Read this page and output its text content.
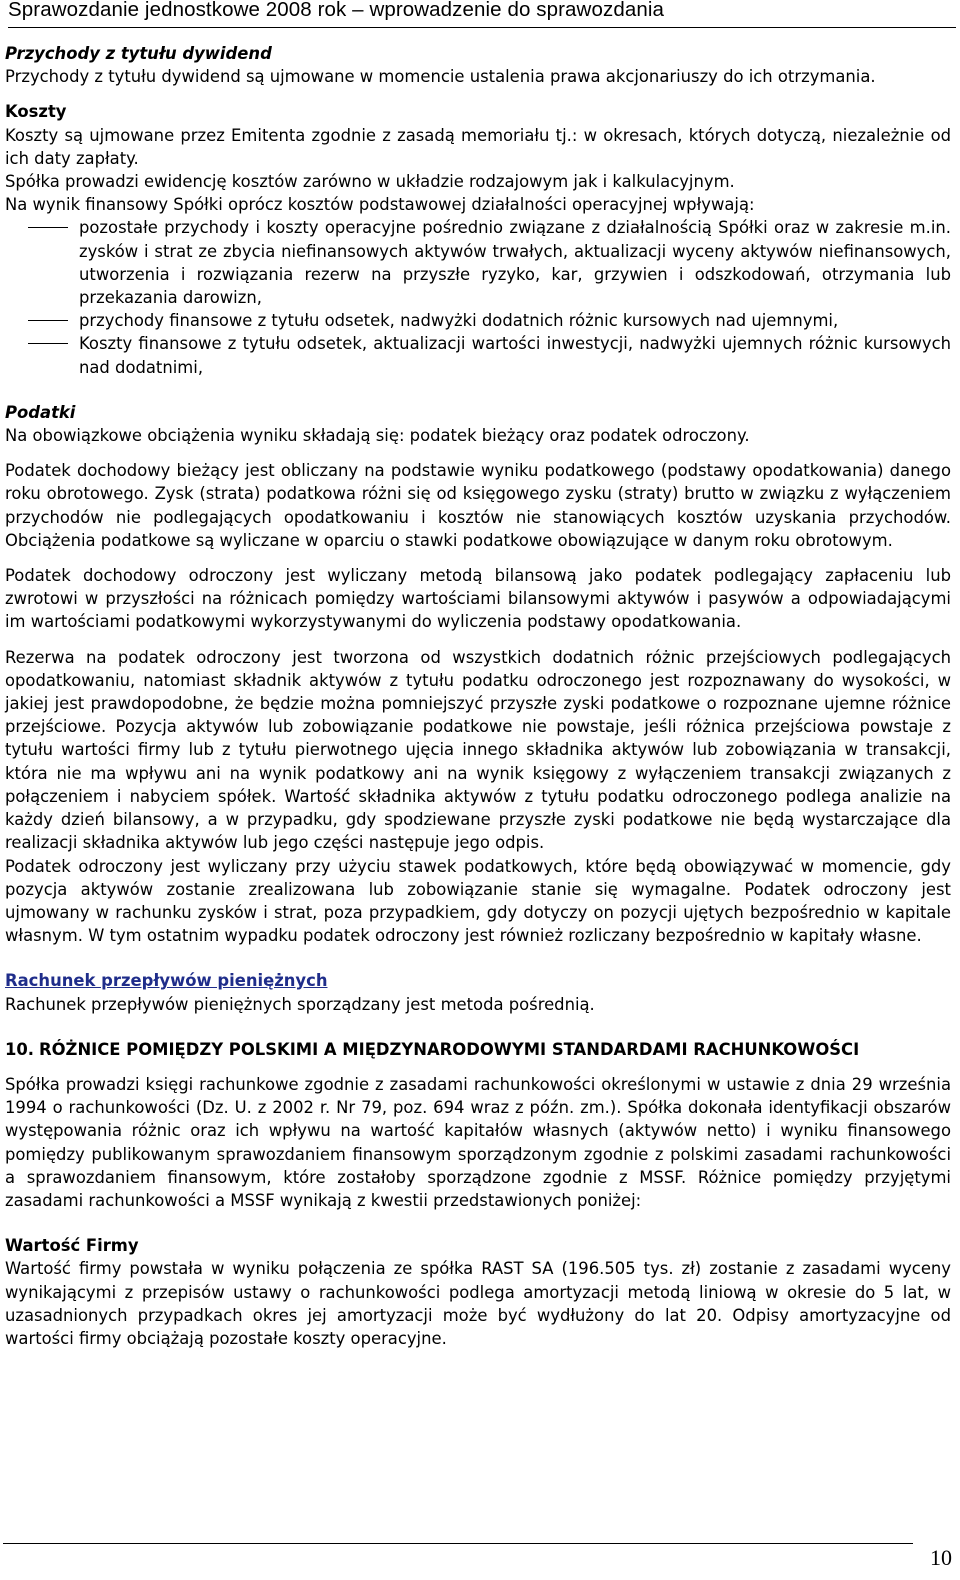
Sprawozdanie jednostkowe 2008 rok – wprowadzenie do sprawozdania

Przychody z tytułu dywidend

Przychody z tytułu dywidend są ujmowane w momencie ustalenia prawa akcjonariuszy do ich otrzymania.

Koszty

Koszty są ujmowane przez Emitenta zgodnie z zasadą memoriału tj.: w okresach, których dotyczą, niezależnie od ich daty zapłaty.

Spółka prowadzi ewidencję kosztów zarówno w układzie rodzajowym jak i kalkulacyjnym.

Na wynik finansowy Spółki oprócz kosztów podstawowej działalności operacyjnej wpływają:

pozostałe przychody i koszty operacyjne pośrednio związane z działalnością Spółki oraz w zakresie m.in. zysków i strat ze zbycia niefinansowych aktywów trwałych, aktualizacji wyceny aktywów niefinansowych, utworzenia i rozwiązania rezerw na przyszłe ryzyko, kar, grzywien i odszkodowań, otrzymania lub przekazania darowizn,
przychody finansowe z tytułu odsetek, nadwyżki dodatnich różnic kursowych nad ujemnymi,
Koszty finansowe z tytułu odsetek, aktualizacji wartości inwestycji, nadwyżki ujemnych różnic kursowych nad dodatnimi,

Podatki

Na obowiązkowe obciążenia wyniku składają się: podatek bieżący oraz podatek odroczony.

Podatek dochodowy bieżący jest obliczany na podstawie wyniku podatkowego (podstawy opodatkowania) danego roku obrotowego. Zysk (strata) podatkowa różni się od księgowego zysku (straty) brutto w związku z wyłączeniem przychodów nie podlegających opodatkowaniu i kosztów nie stanowiących kosztów uzyskania przychodów. Obciążenia podatkowe są wyliczane w oparciu o stawki podatkowe obowiązujące w danym roku obrotowym.

Podatek dochodowy odroczony jest wyliczany metodą bilansową jako podatek podlegający zapłaceniu lub zwrotowi w przyszłości na różnicach pomiędzy wartościami bilansowymi aktywów i pasywów a odpowiadającymi im wartościami podatkowymi wykorzystywanymi do wyliczenia podstawy opodatkowania.

Rezerwa na podatek odroczony jest tworzona od wszystkich dodatnich różnic przejściowych podlegających opodatkowaniu, natomiast składnik aktywów z tytułu podatku odroczonego jest rozpoznawany do wysokości, w jakiej jest prawdopodobne, że będzie można pomniejszyć przyszłe zyski podatkowe o rozpoznane ujemne różnice przejściowe. Pozycja aktywów lub zobowiązanie podatkowe nie powstaje, jeśli różnica przejściowa powstaje z tytułu wartości firmy lub z tytułu pierwotnego ujęcia innego składnika aktywów lub zobowiązania w transakcji, która nie ma wpływu ani na wynik podatkowy ani na wynik księgowy z wyłączeniem transakcji związanych z połączeniem i nabyciem spółek. Wartość składnika aktywów z tytułu podatku odroczonego podlega analizie na każdy dzień bilansowy, a w przypadku, gdy spodziewane przyszłe zyski podatkowe nie będą wystarczające dla realizacji składnika aktywów lub jego części następuje jego odpis.

Podatek odroczony jest wyliczany przy użyciu stawek podatkowych, które będą obowiązywać w momencie, gdy pozycja aktywów zostanie zrealizowana lub zobowiązanie stanie się wymagalne. Podatek odroczony jest ujmowany w rachunku zysków i strat, poza przypadkiem, gdy dotyczy on pozycji ujętych bezpośrednio w kapitale własnym. W tym ostatnim wypadku podatek odroczony jest również rozliczany bezpośrednio w kapitały własne.

Rachunek przepływów pieniężnych

Rachunek przepływów pieniężnych sporządzany jest metoda pośrednią.

10. RÓŻNICE POMIĘDZY POLSKIMI A MIĘDZYNARODOWYMI STANDARDAMI RACHUNKOWOŚCI

Spółka prowadzi księgi rachunkowe zgodnie z zasadami rachunkowości określonymi w ustawie z dnia 29 września 1994 o rachunkowości (Dz. U. z 2002 r. Nr 79, poz. 694 wraz z późn. zm.). Spółka dokonała identyfikacji obszarów występowania różnic oraz ich wpływu na wartość kapitałów własnych (aktywów netto) i wyniku finansowego pomiędzy publikowanym sprawozdaniem finansowym sporządzonym zgodnie z polskimi zasadami rachunkowości a sprawozdaniem finansowym, które zostałoby sporządzone zgodnie z MSSF. Różnice pomiędzy przyjętymi zasadami rachunkowości a MSSF wynikają z kwestii przedstawionych poniżej:

Wartość Firmy

Wartość firmy powstała w wyniku połączenia ze spółka RAST SA (196.505 tys. zł) zostanie z zasadami wyceny wynikającymi z przepisów ustawy o rachunkowości podlega amortyzacji metodą liniową w okresie do 5 lat, w uzasadnionych przypadkach okres jej amortyzacji może być wydłużony do lat 20. Odpisy amortyzacyjne od wartości firmy obciążają pozostałe koszty operacyjne.

10
